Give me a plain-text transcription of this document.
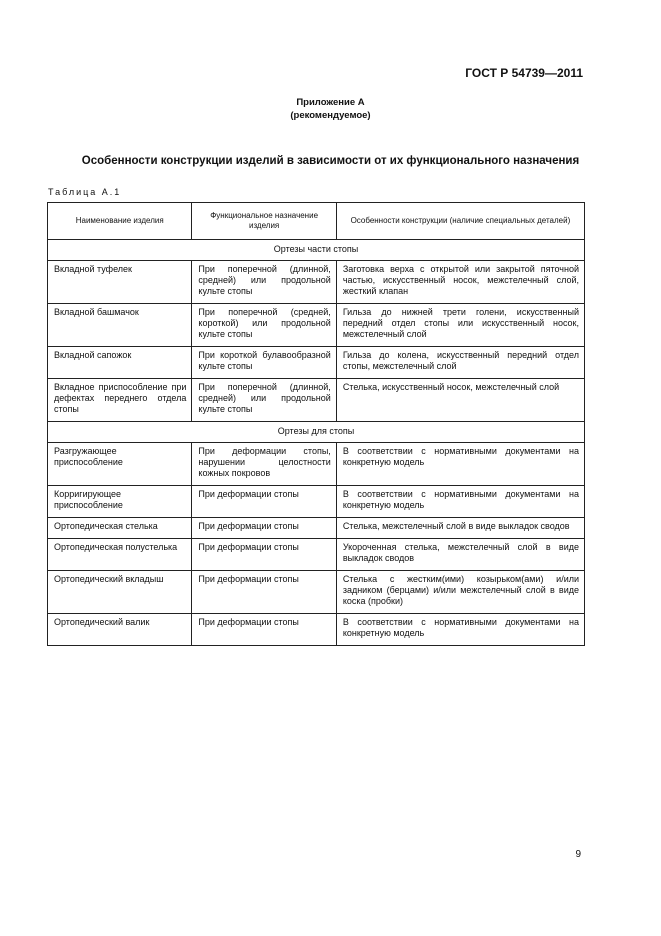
ГОСТ Р 54739—2011
Приложение А
(рекомендуемое)
Особенности конструкции изделий в зависимости от их функционального назначения
Таблица А.1
Наименование изделия	Функциональное назначение изделия	Особенности конструкции (наличие специальных деталей)
Ортезы части стопы		

Вкладной туфелек	При поперечной (длинной, средней) или продольной культе стопы	Заготовка верха с открытой или закрытой пяточной частью, искусственный носок, межстелечный слой, жесткий клапан

Вкладной башмачок	При поперечной (средней, короткой) или продольной культе стопы	Гильза до нижней трети голени, искусственный передний отдел стопы или искусственный носок, межстелечный слой

Вкладной сапожок	При короткой булавообразной культе стопы	Гильза до колена, искусственный передний отдел стопы, межстелечный слой

Вкладное приспособление при дефектах переднего отдела стопы	При поперечной (длинной, средней) или продольной культе стопы	Стелька, искусственный носок, межстелечный слой

Ортезы для стопы		

Разгружающее приспособление	При деформации стопы, нарушении целостности кожных покровов	В соответствии с нормативными документами на конкретную модель

Корригирующее приспособление	При деформации стопы	В соответствии с нормативными документами на конкретную модель

Ортопедическая стелька	При деформации стопы	Стелька, межстелечный слой в виде выкладок сводов

Ортопедическая полустелька	При деформации стопы	Укороченная стелька, межстелечный слой в виде выкладок сводов

Ортопедический вкладыш	При деформации стопы	Стелька с жестким(ими) козырьком(ами) и/или задником (берцами) и/или межстелечный слой в виде коска (пробки)

Ортопедический валик	При деформации стопы	В соответствии с нормативными документами на конкретную модель
9
